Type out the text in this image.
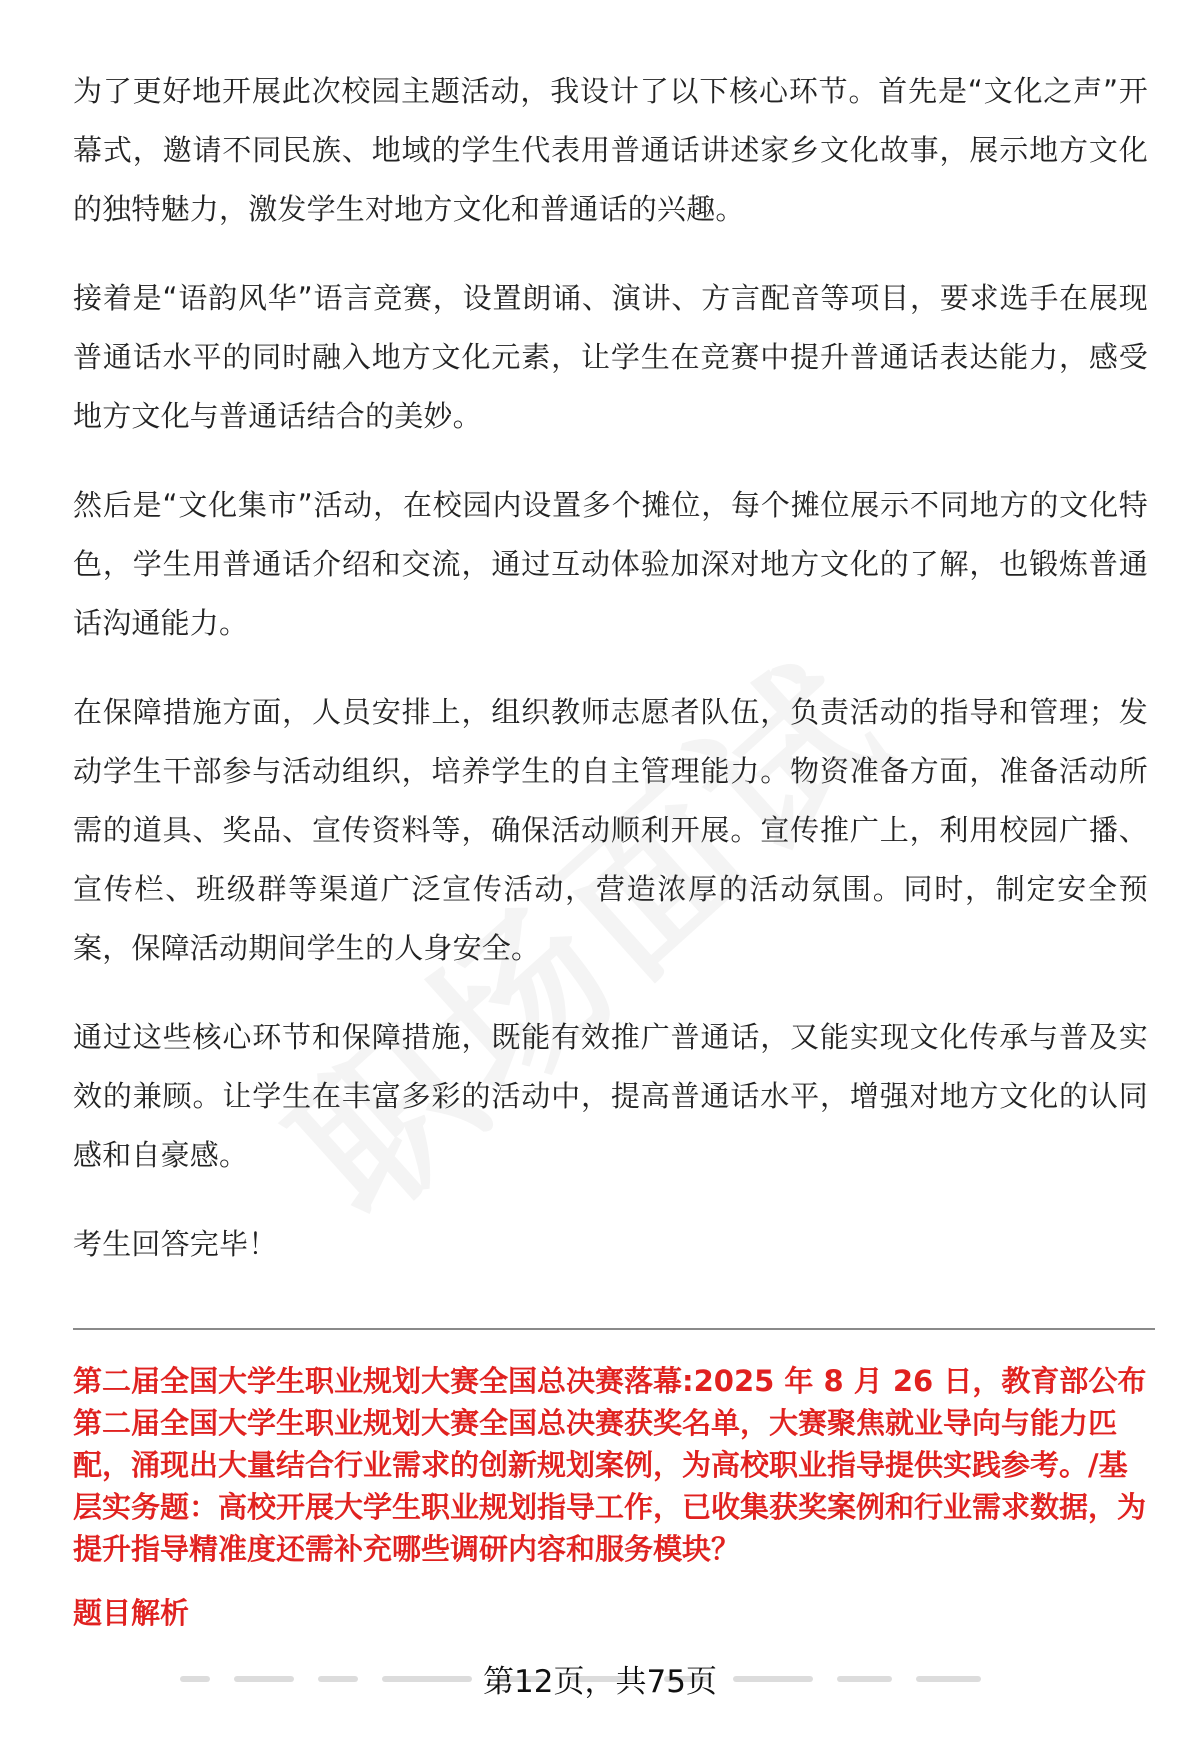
为了更好地开展此次校园主题活动，我设计了以下核心环节。首先是“文化之声”开幕式，邀请不同民族、地域的学生代表用普通话讲述家乡文化故事，展示地方文化的独特魅力，激发学生对地方文化和普通话的兴趣。

接着是“语韵风华”语言竞赛，设置朗诵、演讲、方言配音等项目，要求选手在展现普通话水平的同时融入地方文化元素，让学生在竞赛中提升普通话表达能力，感受地方文化与普通话结合的美妙。

然后是“文化集市”活动，在校园内设置多个摊位，每个摊位展示不同地方的文化特色，学生用普通话介绍和交流，通过互动体验加深对地方文化的了解，也锻炼普通话沟通能力。

在保障措施方面，人员安排上，组织教师志愿者队伍，负责活动的指导和管理；发动学生干部参与活动组织，培养学生的自主管理能力。物资准备方面，准备活动所需的道具、奖品、宣传资料等，确保活动顺利开展。宣传推广上，利用校园广播、宣传栏、班级群等渠道广泛宣传活动，营造浓厚的活动氛围。同时，制定安全预案，保障活动期间学生的人身安全。

通过这些核心环节和保障措施，既能有效推广普通话，又能实现文化传承与普及实效的兼顾。让学生在丰富多彩的活动中，提高普通话水平，增强对地方文化的认同感和自豪感。

考生回答完毕！

第二届全国大学生职业规划大赛全国总决赛落幕:2025 年 8 月 26 日，教育部公布第二届全国大学生职业规划大赛全国总决赛获奖名单，大赛聚焦就业导向与能力匹配，涌现出大量结合行业需求的创新规划案例，为高校职业指导提供实践参考。/基层实务题：高校开展大学生职业规划指导工作，已收集获奖案例和行业需求数据，为提升指导精准度还需补充哪些调研内容和服务模块？

题目解析

第12页，共75页
